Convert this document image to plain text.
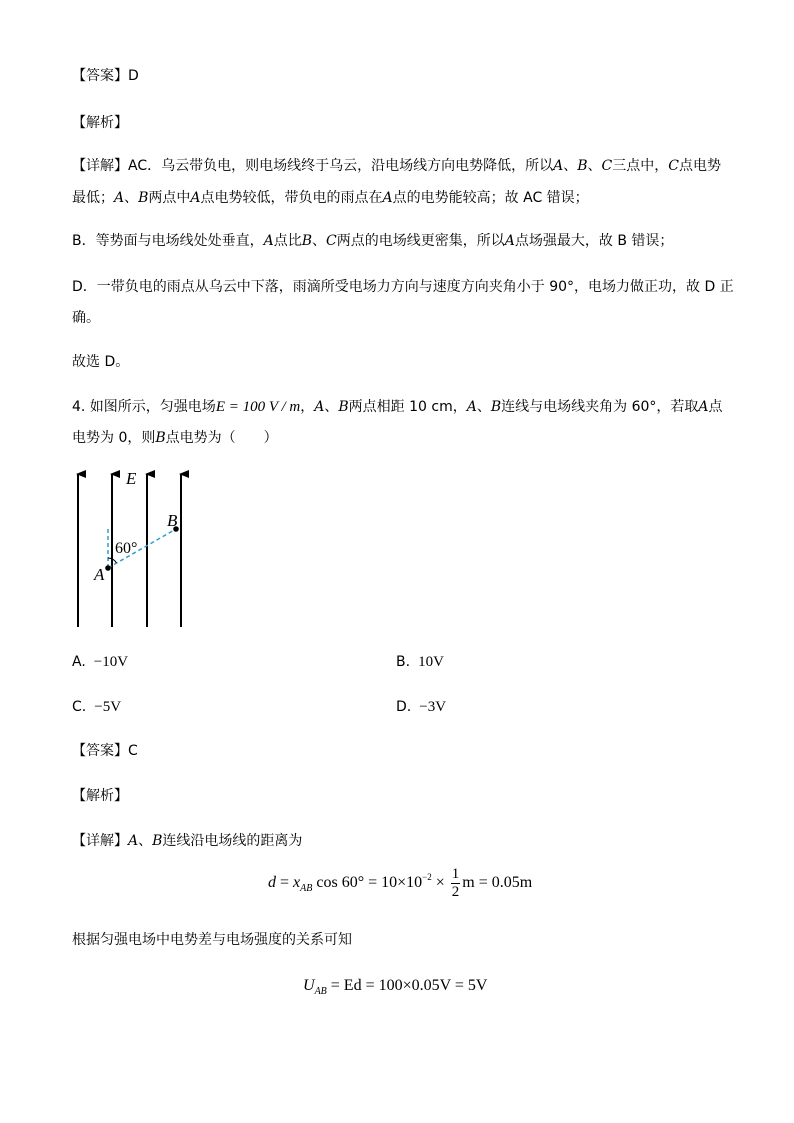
【答案】D
【解析】
【详解】AC．乌云带负电，则电场线终于乌云，沿电场线方向电势降低，所以A、B、C三点中，C点电势
最低；A、B两点中A点电势较低，带负电的雨点在A点的电势能较高；故 AC 错误；
B．等势面与电场线处处垂直，A点比B、C两点的电场线更密集，所以A点场强最大，故 B 错误；
D．一带负电的雨点从乌云中下落，雨滴所受电场力方向与速度方向夹角小于 90°，电场力做正功，故 D 正
确。
故选 D。
4. 如图所示，匀强电场E = 100 V / m，A、B两点相距 10 cm，A、B连线与电场线夹角为 60°，若取A点
电势为 0，则B点电势为（　　）
E
B
A
60°
A. −10V	B. 10V
C. −5V	D. −3V
【答案】C
【解析】
【详解】A、B连线沿电场线的距离为
$d = x_{AB}$ $\cos 60^\circ = 10\times 10^{-2} \times \frac{1}{2}$ m = 0.05m
根据匀强电场中电势差与电场强度的关系可知
$U_{AB} = Ed = 100\times 0.05V = 5V$
